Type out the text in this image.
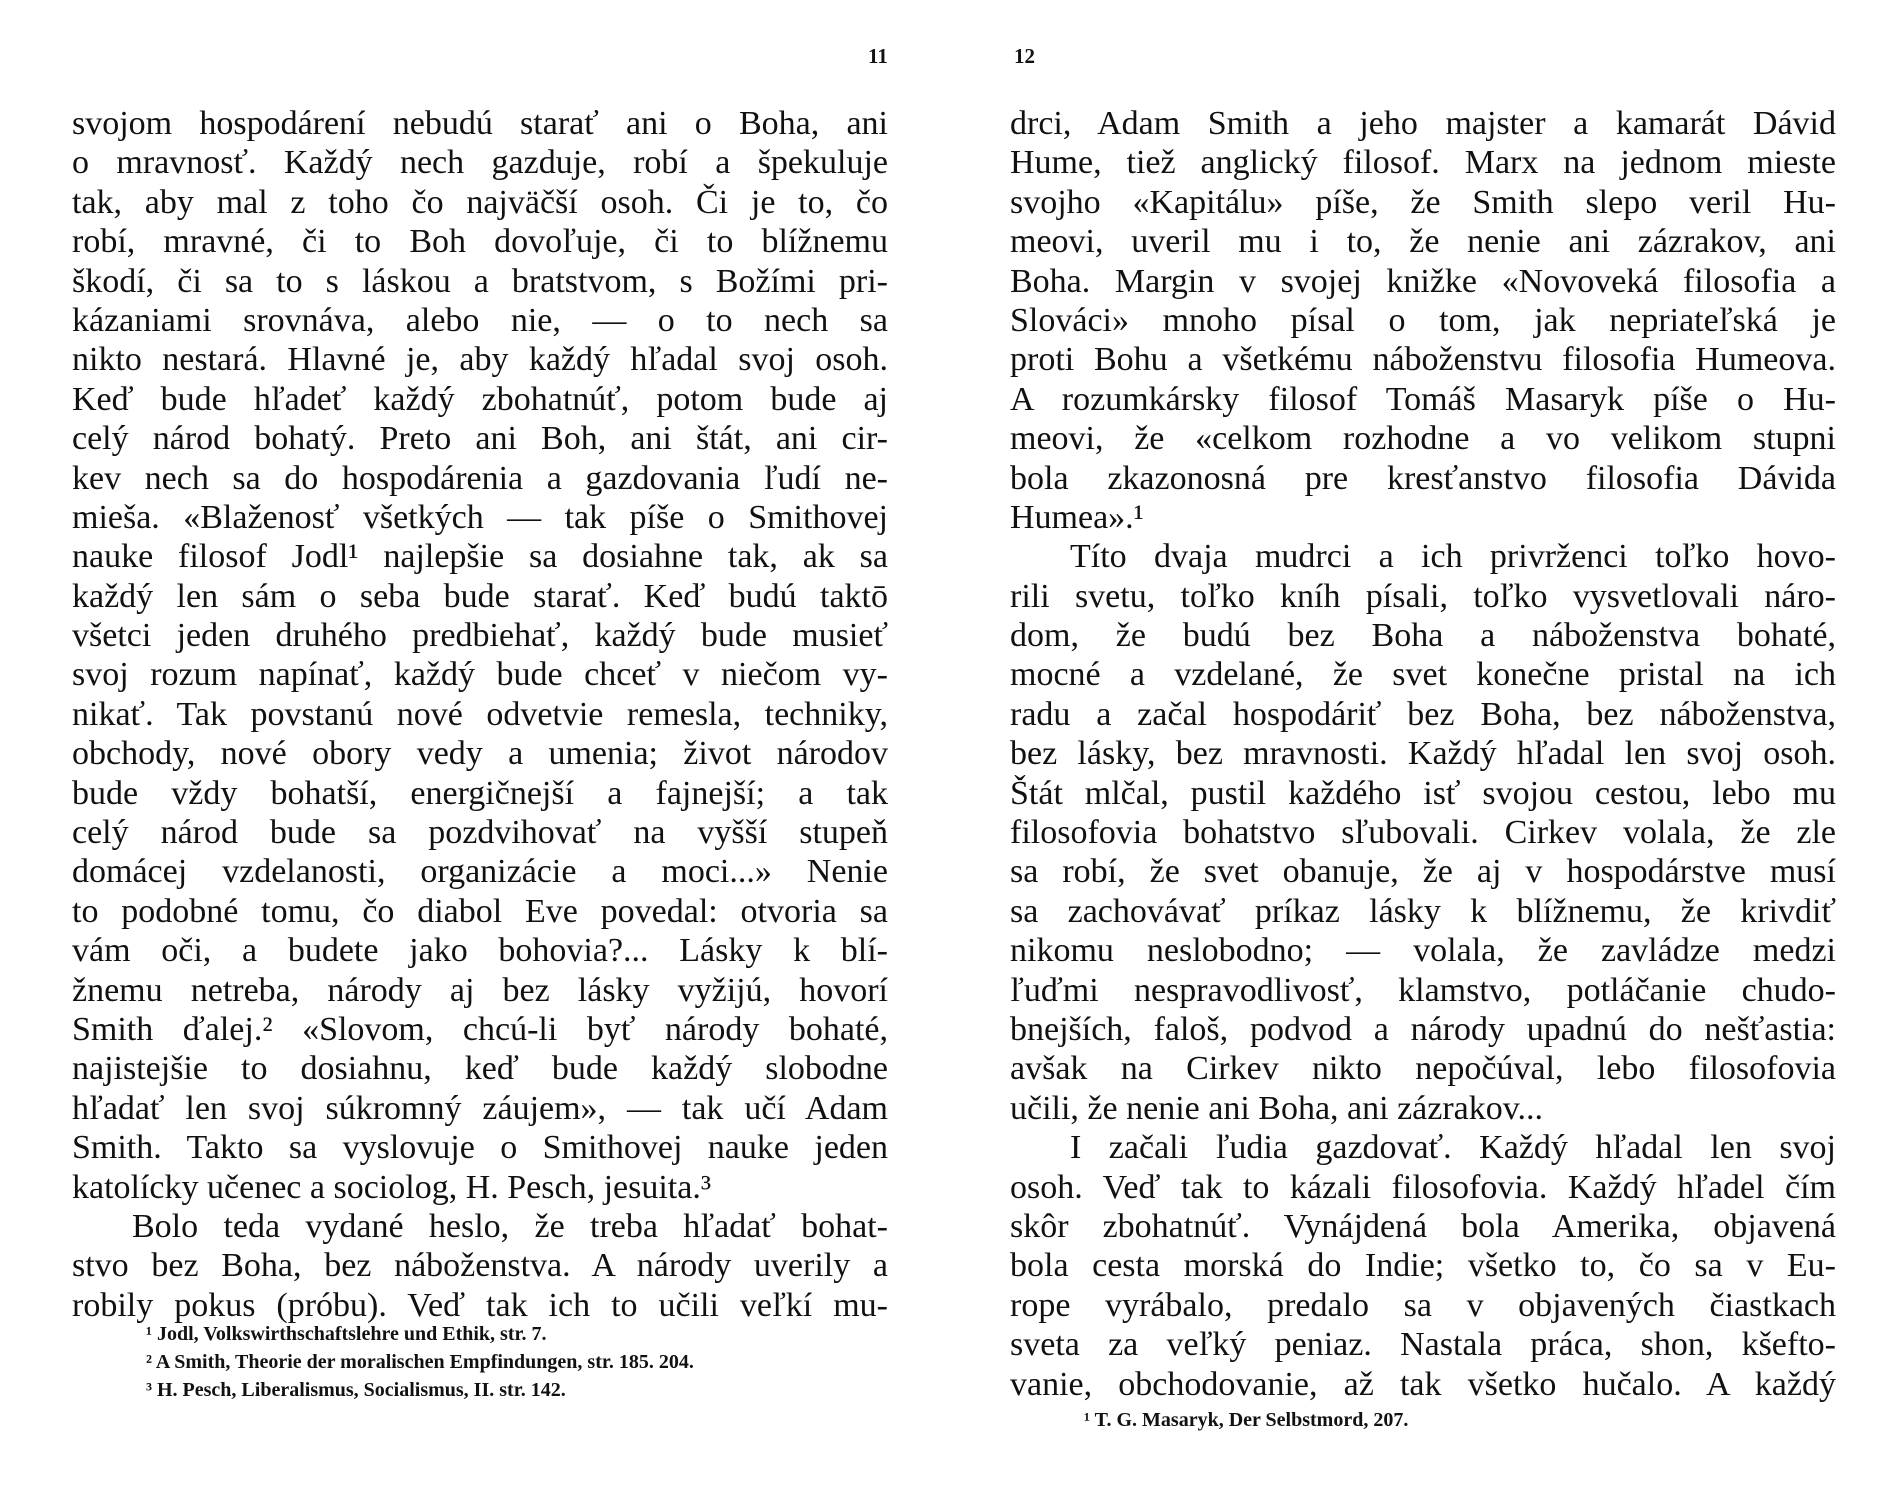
11
svojom hospodárení nebudú starať ani o Boha, ani
o mravnosť. Každý nech gazduje, robí a špekuluje
tak, aby mal z toho čo najväčší osoh. Či je to, čo
robí, mravné, či to Boh dovoľuje, či to blížnemu
škodí, či sa to s láskou a bratstvom, s Božími pri-
kázaniami srovnáva, alebo nie, — o to nech sa
nikto nestará. Hlavné je, aby každý hľadal svoj osoh.
Keď bude hľadeť každý zbohatnúť, potom bude aj
celý národ bohatý. Preto ani Boh, ani štát, ani cir-
kev nech sa do hospodárenia a gazdovania ľudí ne-
mieša. «Blaženosť všetkých — tak píše o Smithovej
nauke filosof Jodl¹ najlepšie sa dosiahne tak, ak sa
každý len sám o seba bude starať. Keď budú taktō
všetci jeden druhého predbiehať, každý bude musieť
svoj rozum napínať, každý bude chceť v niečom vy-
nikať. Tak povstanú nové odvetvie remesla, techniky,
obchody, nové obory vedy a umenia; život národov
bude vždy bohatší, energičnejší a fajnejší; a tak
celý národ bude sa pozdvihovať na vyšší stupeň
domácej vzdelanosti, organizácie a moci...» Nenie
to podobné tomu, čo diabol Eve povedal: otvoria sa
vám oči, a budete jako bohovia?... Lásky k blí-
žnemu netreba, národy aj bez lásky vyžijú, hovorí
Smith ďalej.² «Slovom, chcú-li byť národy bohaté,
najistejšie to dosiahnu, keď bude každý slobodne
hľadať len svoj súkromný záujem», — tak učí Adam
Smith. Takto sa vyslovuje o Smithovej nauke jeden
katolícky učenec a sociolog, H. Pesch, jesuita.³
Bolo teda vydané heslo, že treba hľadať bohat-
stvo bez Boha, bez náboženstva. A národy uverily a
robily pokus (próbu). Veď tak ich to učili veľkí mu-
¹ Jodl, Volkswirthschaftslehre und Ethik, str. 7.
² A Smith, Theorie der moralischen Empfindungen, str. 185. 204.
³ H. Pesch, Liberalismus, Socialismus, II. str. 142.
12
drci, Adam Smith a jeho majster a kamarát Dávid
Hume, tiež anglický filosof. Marx na jednom mieste
svojho «Kapitálu» píše, že Smith slepo veril Hu-
meovi, uveril mu i to, že nenie ani zázrakov, ani
Boha. Margin v svojej knižke «Novoveká filosofia a
Slováci» mnoho písal o tom, jak nepriateľská je
proti Bohu a všetkému náboženstvu filosofia Humeova.
A rozumkársky filosof Tomáš Masaryk píše o Hu-
meovi, že «celkom rozhodne a vo velikom stupni
bola zkazonosná pre kresťanstvo filosofia Dávida
Humea».¹
Títo dvaja mudrci a ich privrženci toľko hovo-
rili svetu, toľko kníh písali, toľko vysvetlovali náro-
dom, že budú bez Boha a náboženstva bohaté,
mocné a vzdelané, že svet konečne pristal na ich
radu a začal hospodáriť bez Boha, bez náboženstva,
bez lásky, bez mravnosti. Každý hľadal len svoj osoh.
Štát mlčal, pustil každého isť svojou cestou, lebo mu
filosofovia bohatstvo sľubovali. Cirkev volala, že zle
sa robí, že svet obanuje, že aj v hospodárstve musí
sa zachovávať príkaz lásky k blížnemu, že krivdiť
nikomu neslobodno; — volala, že zavládze medzi
ľuďmi nespravodlivosť, klamstvo, potláčanie chudo-
bnejších, faloš, podvod a národy upadnú do nešťastia:
avšak na Cirkev nikto nepočúval, lebo filosofovia
učili, že nenie ani Boha, ani zázrakov...
I začali ľudia gazdovať. Každý hľadal len svoj
osoh. Veď tak to kázali filosofovia. Každý hľadel čím
skôr zbohatnúť. Vynájdená bola Amerika, objavená
bola cesta morská do Indie; všetko to, čo sa v Eu-
rope vyrábalo, predalo sa v objavených čiastkach
sveta za veľký peniaz. Nastala práca, shon, kšefto-
vanie, obchodovanie, až tak všetko hučalo. A každý
¹ T. G. Masaryk, Der Selbstmord, 207.
